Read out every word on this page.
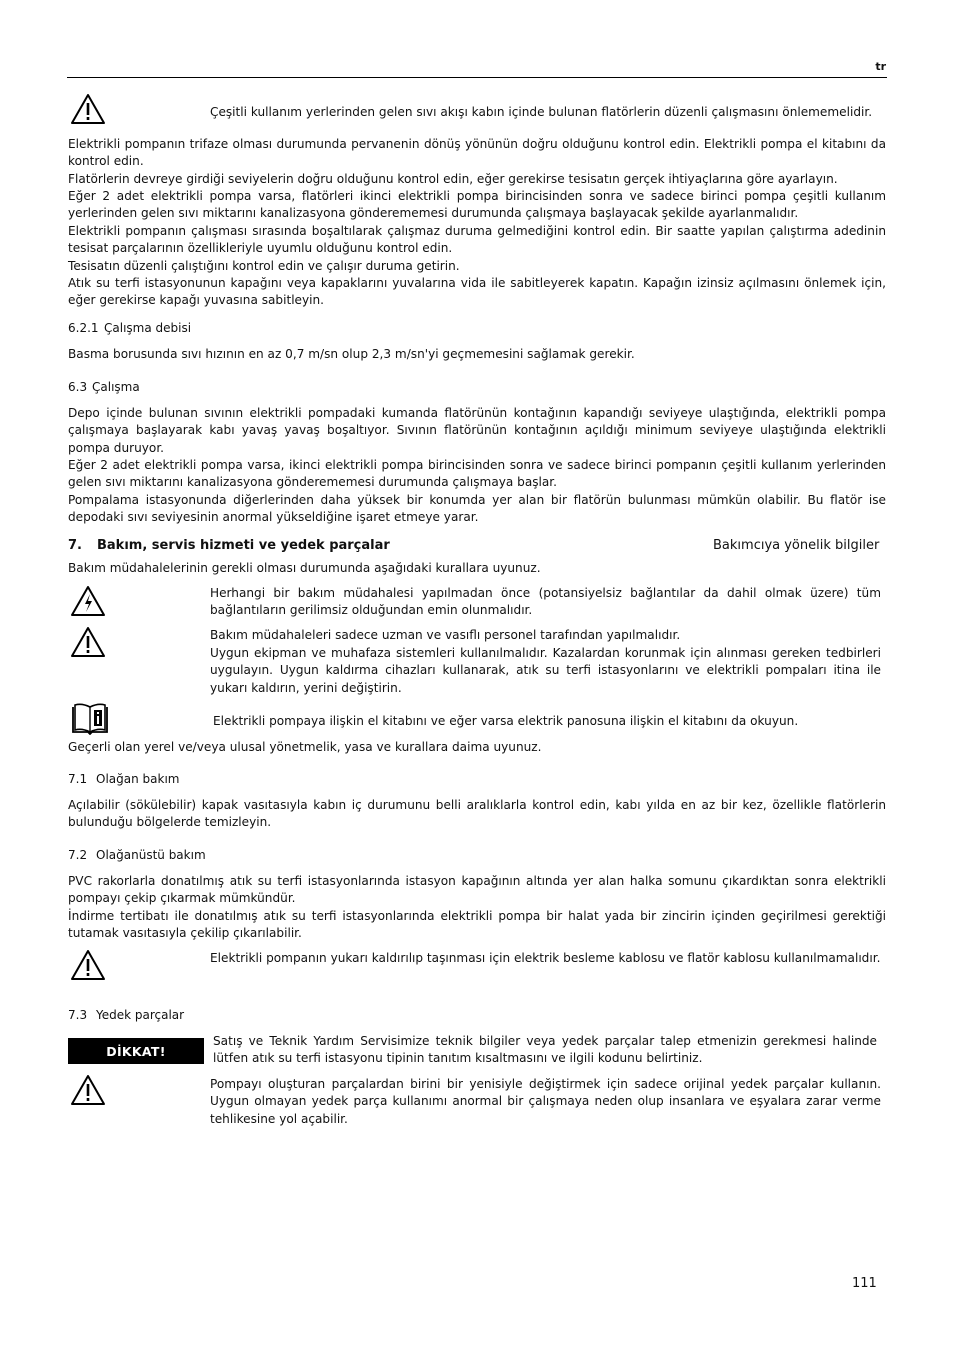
tr
Çeşitli kullanım yerlerinden gelen sıvı akışı kabın içinde bulunan flatörlerin düzenli çalışmasını önlememelidir.
Elektrikli pompanın trifaze olması durumunda pervanenin dönüş yönünün doğru olduğunu kontrol edin. Elektrikli pompa el kitabını da kontrol edin.
Flatörlerin devreye girdiği seviyelerin doğru olduğunu kontrol edin, eğer gerekirse tesisatın gerçek ihtiyaçlarına göre ayarlayın.
Eğer 2 adet elektrikli pompa varsa, flatörleri ikinci elektrikli pompa birincisinden sonra ve sadece birinci pompa çeşitli kullanım yerlerinden gelen sıvı miktarını kanalizasyona gönderememesi durumunda çalışmaya başlayacak şekilde ayarlanmalıdır.
Elektrikli pompanın çalışması sırasında boşaltılarak çalışmaz duruma gelmediğini kontrol edin. Bir saatte yapılan çalıştırma adedinin tesisat parçalarının özellikleriyle uyumlu olduğunu kontrol edin.
Tesisatın düzenli çalıştığını kontrol edin ve çalışır duruma getirin.
Atık su terfi istasyonunun kapağını veya kapaklarını yuvalarına vida ile sabitleyerek kapatın. Kapağın izinsiz açılmasını önlemek için, eğer gerekirse kapağı yuvasına sabitleyin.
6.2.1 Çalışma debisi
Basma borusunda sıvı hızının en az 0,7 m/sn olup 2,3 m/sn'yi geçmemesini sağlamak gerekir.
6.3 Çalışma
Depo içinde bulunan sıvının elektrikli pompadaki kumanda flatörünün kontağının kapandığı seviyeye ulaştığında, elektrikli pompa çalışmaya başlayarak kabı yavaş yavaş boşaltıyor. Sıvının flatörünün kontağının açıldığı minimum seviyeye ulaştığında elektrikli pompa duruyor.
Eğer 2 adet elektrikli pompa varsa, ikinci elektrikli pompa birincisinden sonra ve sadece birinci pompanın çeşitli kullanım yerlerinden gelen sıvı miktarını kanalizasyona gönderememesi durumunda çalışmaya başlar.
Pompalama istasyonunda diğerlerinden daha yüksek bir konumda yer alan bir flatörün bulunması mümkün olabilir. Bu flatör ise depodaki sıvı seviyesinin anormal yükseldiğine işaret etmeye yarar.
7. Bakım, servis hizmeti ve yedek parçalar	Bakımcıya yönelik bilgiler
Bakım müdahalelerinin gerekli olması durumunda aşağıdaki kurallara uyunuz.
Herhangi bir bakım müdahalesi yapılmadan önce (potansiyelsiz bağlantılar da dahil olmak üzere) tüm bağlantıların gerilimsiz olduğundan emin olunmalıdır.
Bakım müdahaleleri sadece uzman ve vasıflı personel tarafından yapılmalıdır.
Uygun ekipman ve muhafaza sistemleri kullanılmalıdır. Kazalardan korunmak için alınması gereken tedbirleri uygulayın. Uygun kaldırma cihazları kullanarak, atık su terfi istasyonlarını ve elektrikli pompaları itina ile yukarı kaldırın, yerini değiştirin.
Elektrikli pompaya ilişkin el kitabını ve eğer varsa elektrik panosuna ilişkin el kitabını da okuyun.
Geçerli olan yerel ve/veya ulusal yönetmelik, yasa ve kurallara daima uyunuz.
7.1 Olağan bakım
Açılabilir (sökülebilir) kapak vasıtasıyla kabın iç durumunu belli aralıklarla kontrol edin, kabı yılda en az bir kez, özellikle flatörlerin bulunduğu bölgelerde temizleyin.
7.2 Olağanüstü bakım
PVC rakorlarla donatılmış atık su terfi istasyonlarında istasyon kapağının altında yer alan halka somunu çıkardıktan sonra elektrikli pompayı çekip çıkarmak mümkündür.
İndirme tertibatı ile donatılmış atık su terfi istasyonlarında elektrikli pompa bir halat yada bir zincirin içinden geçirilmesi gerektiği tutamak vasıtasıyla çekilip çıkarılabilir.
Elektrikli pompanın yukarı kaldırılıp taşınması için elektrik besleme kablosu ve flatör kablosu kullanılmamalıdır.
7.3 Yedek parçalar
DİKKAT!
Satış ve Teknik Yardım Servisimize teknik bilgiler veya yedek parçalar talep etmenizin gerekmesi halinde lütfen atık su terfi istasyonu tipinin tanıtım kısaltmasını ve ilgili kodunu belirtiniz.
Pompayı oluşturan parçalardan birini bir yenisiyle değiştirmek için sadece orijinal yedek parçalar kullanın. Uygun olmayan yedek parça kullanımı anormal bir çalışmaya neden olup insanlara ve eşyalara zarar verme tehlikesine yol açabilir.
111
